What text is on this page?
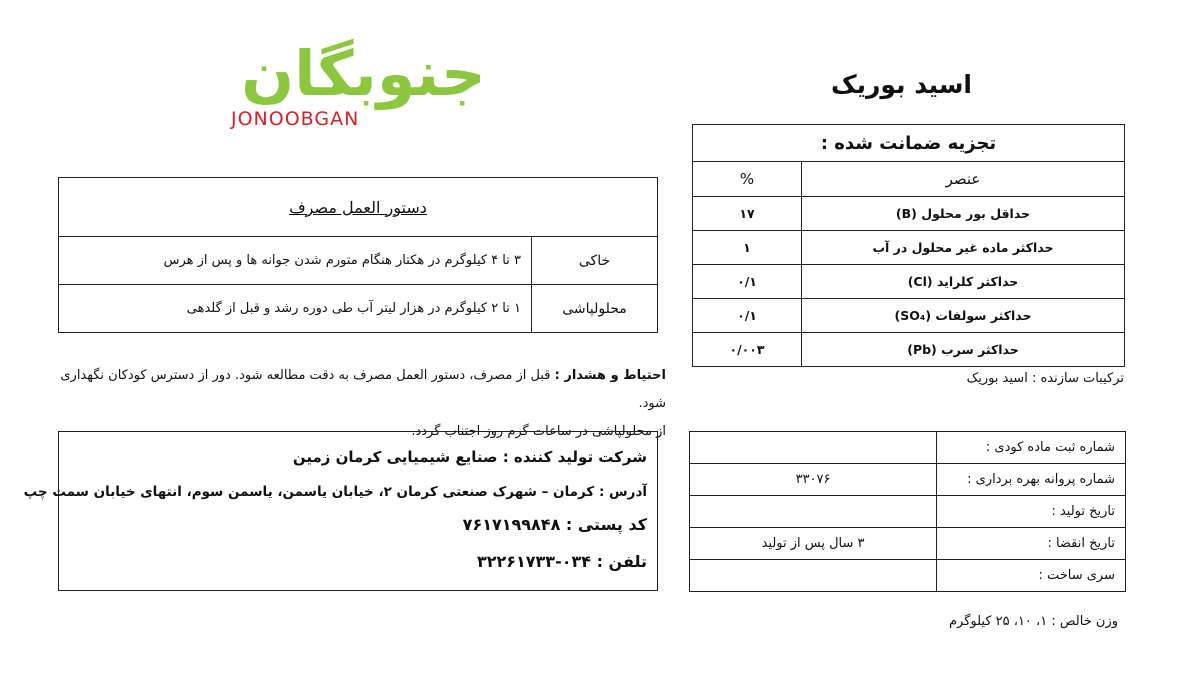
جنوبگان
JONOOBGAN
اسید بوریک
تجزیه ضمانت شده :	
عنصر	%
حداقل بور محلول (B)	۱۷
حداکثر ماده غیر محلول در آب	۱
حداکثر کلراید (Cl)	۰/۱
حداکثر سولفات (SO₄)	۰/۱
حداکثر سرب (Pb)	۰/۰۰۳
ترکیبات سازنده : اسید بوریک
دستور العمل مصرف	
خاکی	۳ تا ۴ کیلوگرم در هکتار هنگام متورم شدن جوانه ها و پس از هرس
محلولپاشی	۱ تا ۲ کیلوگرم در هزار لیتر آب طی دوره رشد و قبل از گلدهی
احتیاط و هشدار : قبل از مصرف، دستور العمل مصرف به دقت مطالعه شود. دور از دسترس کودکان نگهداری شود.
از محلولپاشی در ساعات گرم روز اجتناب گردد.
شرکت تولید کننده : صنایع شیمیایی کرمان زمین
آدرس : کرمان – شهرک صنعتی کرمان ۲، خیابان یاسمن، یاسمن سوم، انتهای خیابان سمت چپ
کد پستی : ۷۶۱۷۱۹۹۸۴۸
تلفن : ۰۳۴-۳۲۲۶۱۷۳۳
شماره ثبت ماده کودی :	
شماره پروانه بهره برداری :	۳۳۰۷۶
تاریخ تولید :	
تاریخ انقضا :	۳ سال پس از تولید
سری ساخت :	
وزن خالص : ۱، ۱۰، ۲۵ کیلوگرم
